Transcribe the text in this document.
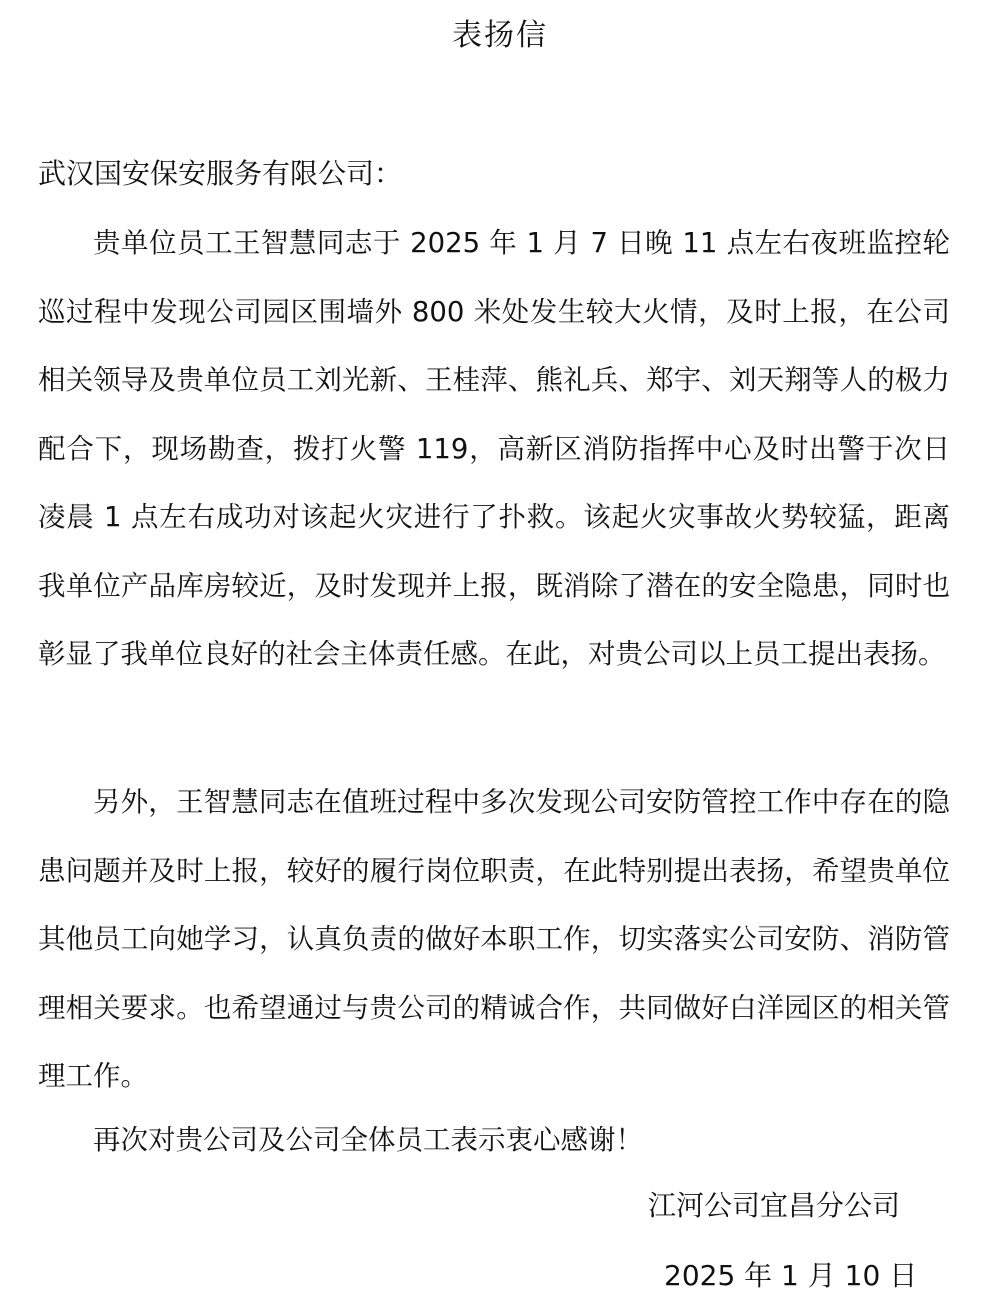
表扬信
武汉国安保安服务有限公司：

贵单位员工王智慧同志于 2025 年 1 月 7 日晚 11 点左右夜班监控轮巡过程中发现公司园区围墙外 800 米处发生较大火情，及时上报，在公司相关领导及贵单位员工刘光新、王桂萍、熊礼兵、郑宇、刘天翔等人的极力配合下，现场勘查，拨打火警 119，高新区消防指挥中心及时出警于次日凌晨 1 点左右成功对该起火灾进行了扑救。该起火灾事故火势较猛，距离我单位产品库房较近，及时发现并上报，既消除了潜在的安全隐患，同时也彰显了我单位良好的社会主体责任感。在此，对贵公司以上员工提出表扬。

另外，王智慧同志在值班过程中多次发现公司安防管控工作中存在的隐患问题并及时上报，较好的履行岗位职责，在此特别提出表扬，希望贵单位其他员工向她学习，认真负责的做好本职工作，切实落实公司安防、消防管理相关要求。也希望通过与贵公司的精诚合作，共同做好白洋园区的相关管理工作。

再次对贵公司及公司全体员工表示衷心感谢！

江河公司宜昌分公司
2025 年 1 月 10 日
